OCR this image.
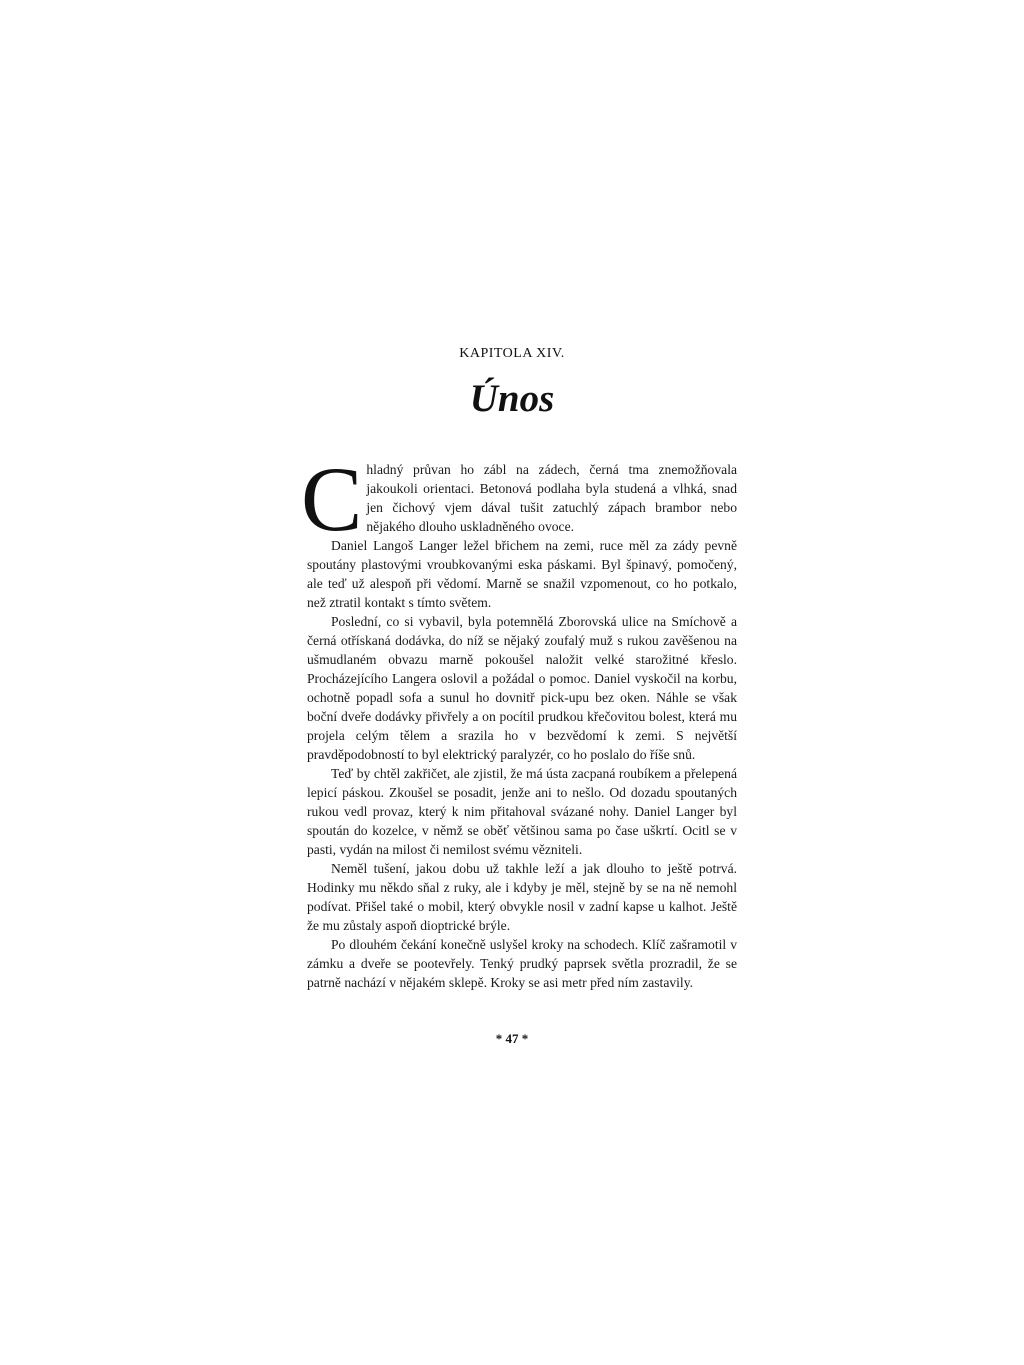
KAPITOLA XIV.
Únos

Chladný průvan ho zábl na zádech, černá tma znemožňovala jakoukoli orientaci. Betonová podlaha byla studená a vlhká, snad jen čichový vjem dával tušit zatuchlý zápach brambor nebo nějakého dlouho uskladněného ovoce.

Daniel Langoš Langer ležel břichem na zemi, ruce měl za zády pevně spoutány plastovými vroubkovanými eska páskami. Byl špinavý, pomočený, ale teď už alespoň při vědomí. Marně se snažil vzpomenout, co ho potkalo, než ztratil kontakt s tímto světem.

Poslední, co si vybavil, byla potemnělá Zborovská ulice na Smíchově a černá otřískaná dodávka, do níž se nějaký zoufalý muž s rukou zavěšenou na ušmudlaném obvazu marně pokoušel naložit velké starožitné křeslo. Procházejícího Langera oslovil a požádal o pomoc. Daniel vyskočil na korbu, ochotně popadl sofa a sunul ho dovnitř pick-upu bez oken. Náhle se však boční dveře dodávky přivřely a on pocítil prudkou křečovitou bolest, která mu projela celým tělem a srazila ho v bezvědomí k zemi. S největší pravděpodobností to byl elektrický paralyzér, co ho poslalo do říše snů.

Teď by chtěl zakřičet, ale zjistil, že má ústa zacpaná roubíkem a přelepená lepicí páskou. Zkoušel se posadit, jenže ani to nešlo. Od dozadu spoutaných rukou vedl provaz, který k nim přitahoval svázané nohy. Daniel Langer byl spoután do kozelce, v němž se oběť většinou sama po čase uškrtí. Ocitl se v pasti, vydán na milost či nemilost svému vězniteli.

Neměl tušení, jakou dobu už takhle leží a jak dlouho to ještě potrvá. Hodinky mu někdo sňal z ruky, ale i kdyby je měl, stejně by se na ně nemohl podívat. Přišel také o mobil, který obvykle nosil v zadní kapse u kalhot. Ještě že mu zůstaly aspoň dioptrické brýle.

Po dlouhém čekání konečně uslyšel kroky na schodech. Klíč zašramotil v zámku a dveře se pootevřely. Tenký prudký paprsek světla prozradil, že se patrně nachází v nějakém sklepě. Kroky se asi metr před ním zastavily.

* 47 *
